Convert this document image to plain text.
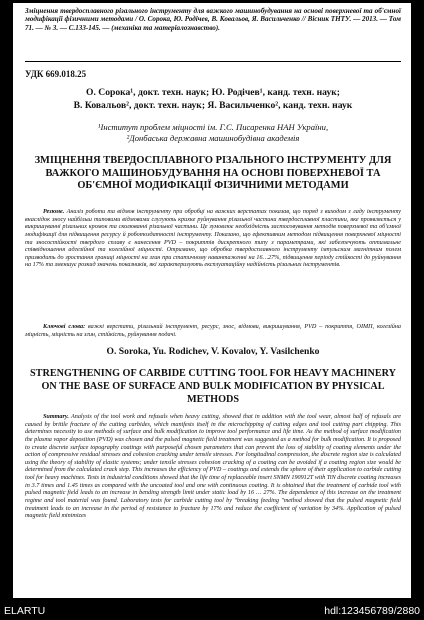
Зміцнення твердосплавного різального інструменту для важкого машинобудування на основі поверхневої та об'ємної модифікації фізичними методами / О. Сорока, Ю. Родічев, В. Ковальов, Я. Васильченко // Вісник ТНТУ. — 2013. — Том 71. — № 3. — С.133-145. — (механіка та матеріалознавство).
УДК 669.018.25
О. Сорока¹, докт. техн. наук; Ю. Родічев¹, канд. техн. наук;
В. Ковальов², докт. техн. наук; Я. Васильченко², канд. техн. наук
¹Інститут проблем міцності ім. Г.С. Писаренка НАН України,
²Донбаська державна машинобудівна академія
ЗМІЦНЕННЯ ТВЕРДОСПЛАВНОГО РІЗАЛЬНОГО ІНСТРУМЕНТУ ДЛЯ ВАЖКОГО МАШИНОБУДУВАННЯ НА ОСНОВІ ПОВЕРХНЕВОЇ ТА ОБ'ЄМНОЇ МОДИФІКАЦІЇ ФІЗИЧНИМИ МЕТОДАМИ
Резюме. Аналіз роботи та відмов інструменту при обробці на важких верстатах показав, що поряд з виходом з ладу інструменту внаслідок зносу найбільш типовими відмовами слугують крихке руйнування різальної частини твердосплавної пластини, яке проявляється у викришуванні різальних кромок та сколюванні різальної частини. Це зумовлює необхідність застосовування методів поверхневої та об'ємної модифікації для підвищення ресурсу й роботоздатності інструменту. Показано, що ефективним методом підвищення поверхневої міцності та зносостійкості твердого сплаву є нанесення PVD – покриттів дискретного типу з параметрами, які забезпечують оптимальне співвідношення адгезійної та когезійної міцності. Отримано, що обробка твердосплавного інструменту імпульсним магнітним полем призводить до зростання границі міцності на згин при статичному навантаженні на 16…27%, підвищення періоду стійкості до руйнування на 17% та зменшує розкид значень показників, які характеризують експлуатаційну надійність різальних інструментів.
Ключові слова: важкі верстати, різальний інструмент, ресурс, знос, відмови, викришування, PVD – покриття, ОІМП, когезійна міцність, міцність на згин, стійкість, руйнування подачі.
O. Soroka, Yu. Rodichev, V. Kovalov, Y. Vasilchenko
STRENGTHENING OF CARBIDE CUTTING TOOL FOR HEAVY MACHINERY ON THE BASE OF SURFACE AND BULK MODIFICATION BY PHYSICAL METHODS
Summary. Analysis of the tool work and refusals when heavy cutting, showed that in addition with the tool wear, almost half of refusals are caused by brittle fracture of the cutting carbides, which manifests itself in the microchipping of cutting edges and tool cutting part chipping. This determines necessity to use methods of surface and bulk modification to improve tool performance and life time. As the method of surface modification the plasma vapor deposition (PVD) was chosen and the pulsed magnetic field treatment was suggested as a method for bulk modification. It is proposed to create discrete surface topography coatings with purposeful chosen parameters that can prevent the loss of stability of coating elements under the action of compressive residual stresses and cohesion cracking under tensile stresses. For longitudinal compression, the discrete region size is calculated using the theory of stability of elastic systems; under tensile stresses cohesion cracking of a coating can be avoided if a coating region size would be determined from the calculated crack step. This increases the efficiency of PVD – coatings and extends the sphere of their application to carbide cutting tool for heavy machines. Tests in industrial conditions showed that the life time of replaceable insert SNMN 190912T with TiN discrete coating increases in 3.7 times and 1.45 times as compared with the uncoated tool and one with continuous coating. It is obtained that the treatment of carbide tool with pulsed magnetic field leads to an increase in bending strength limit under static load by 16 … 27%. The dependence of this increase on the treatment regime and tool material was found. Laboratory tests for carbide cutting tool by "breaking feeding "method showed that the pulsed magnetic field treatment leads to an increase in the period of resistance to fracture by 17% and reduce the coefficient of variation by 34%. Application of pulsed magnetic field minimizes
ELARTU	hdl:123456789/2880
